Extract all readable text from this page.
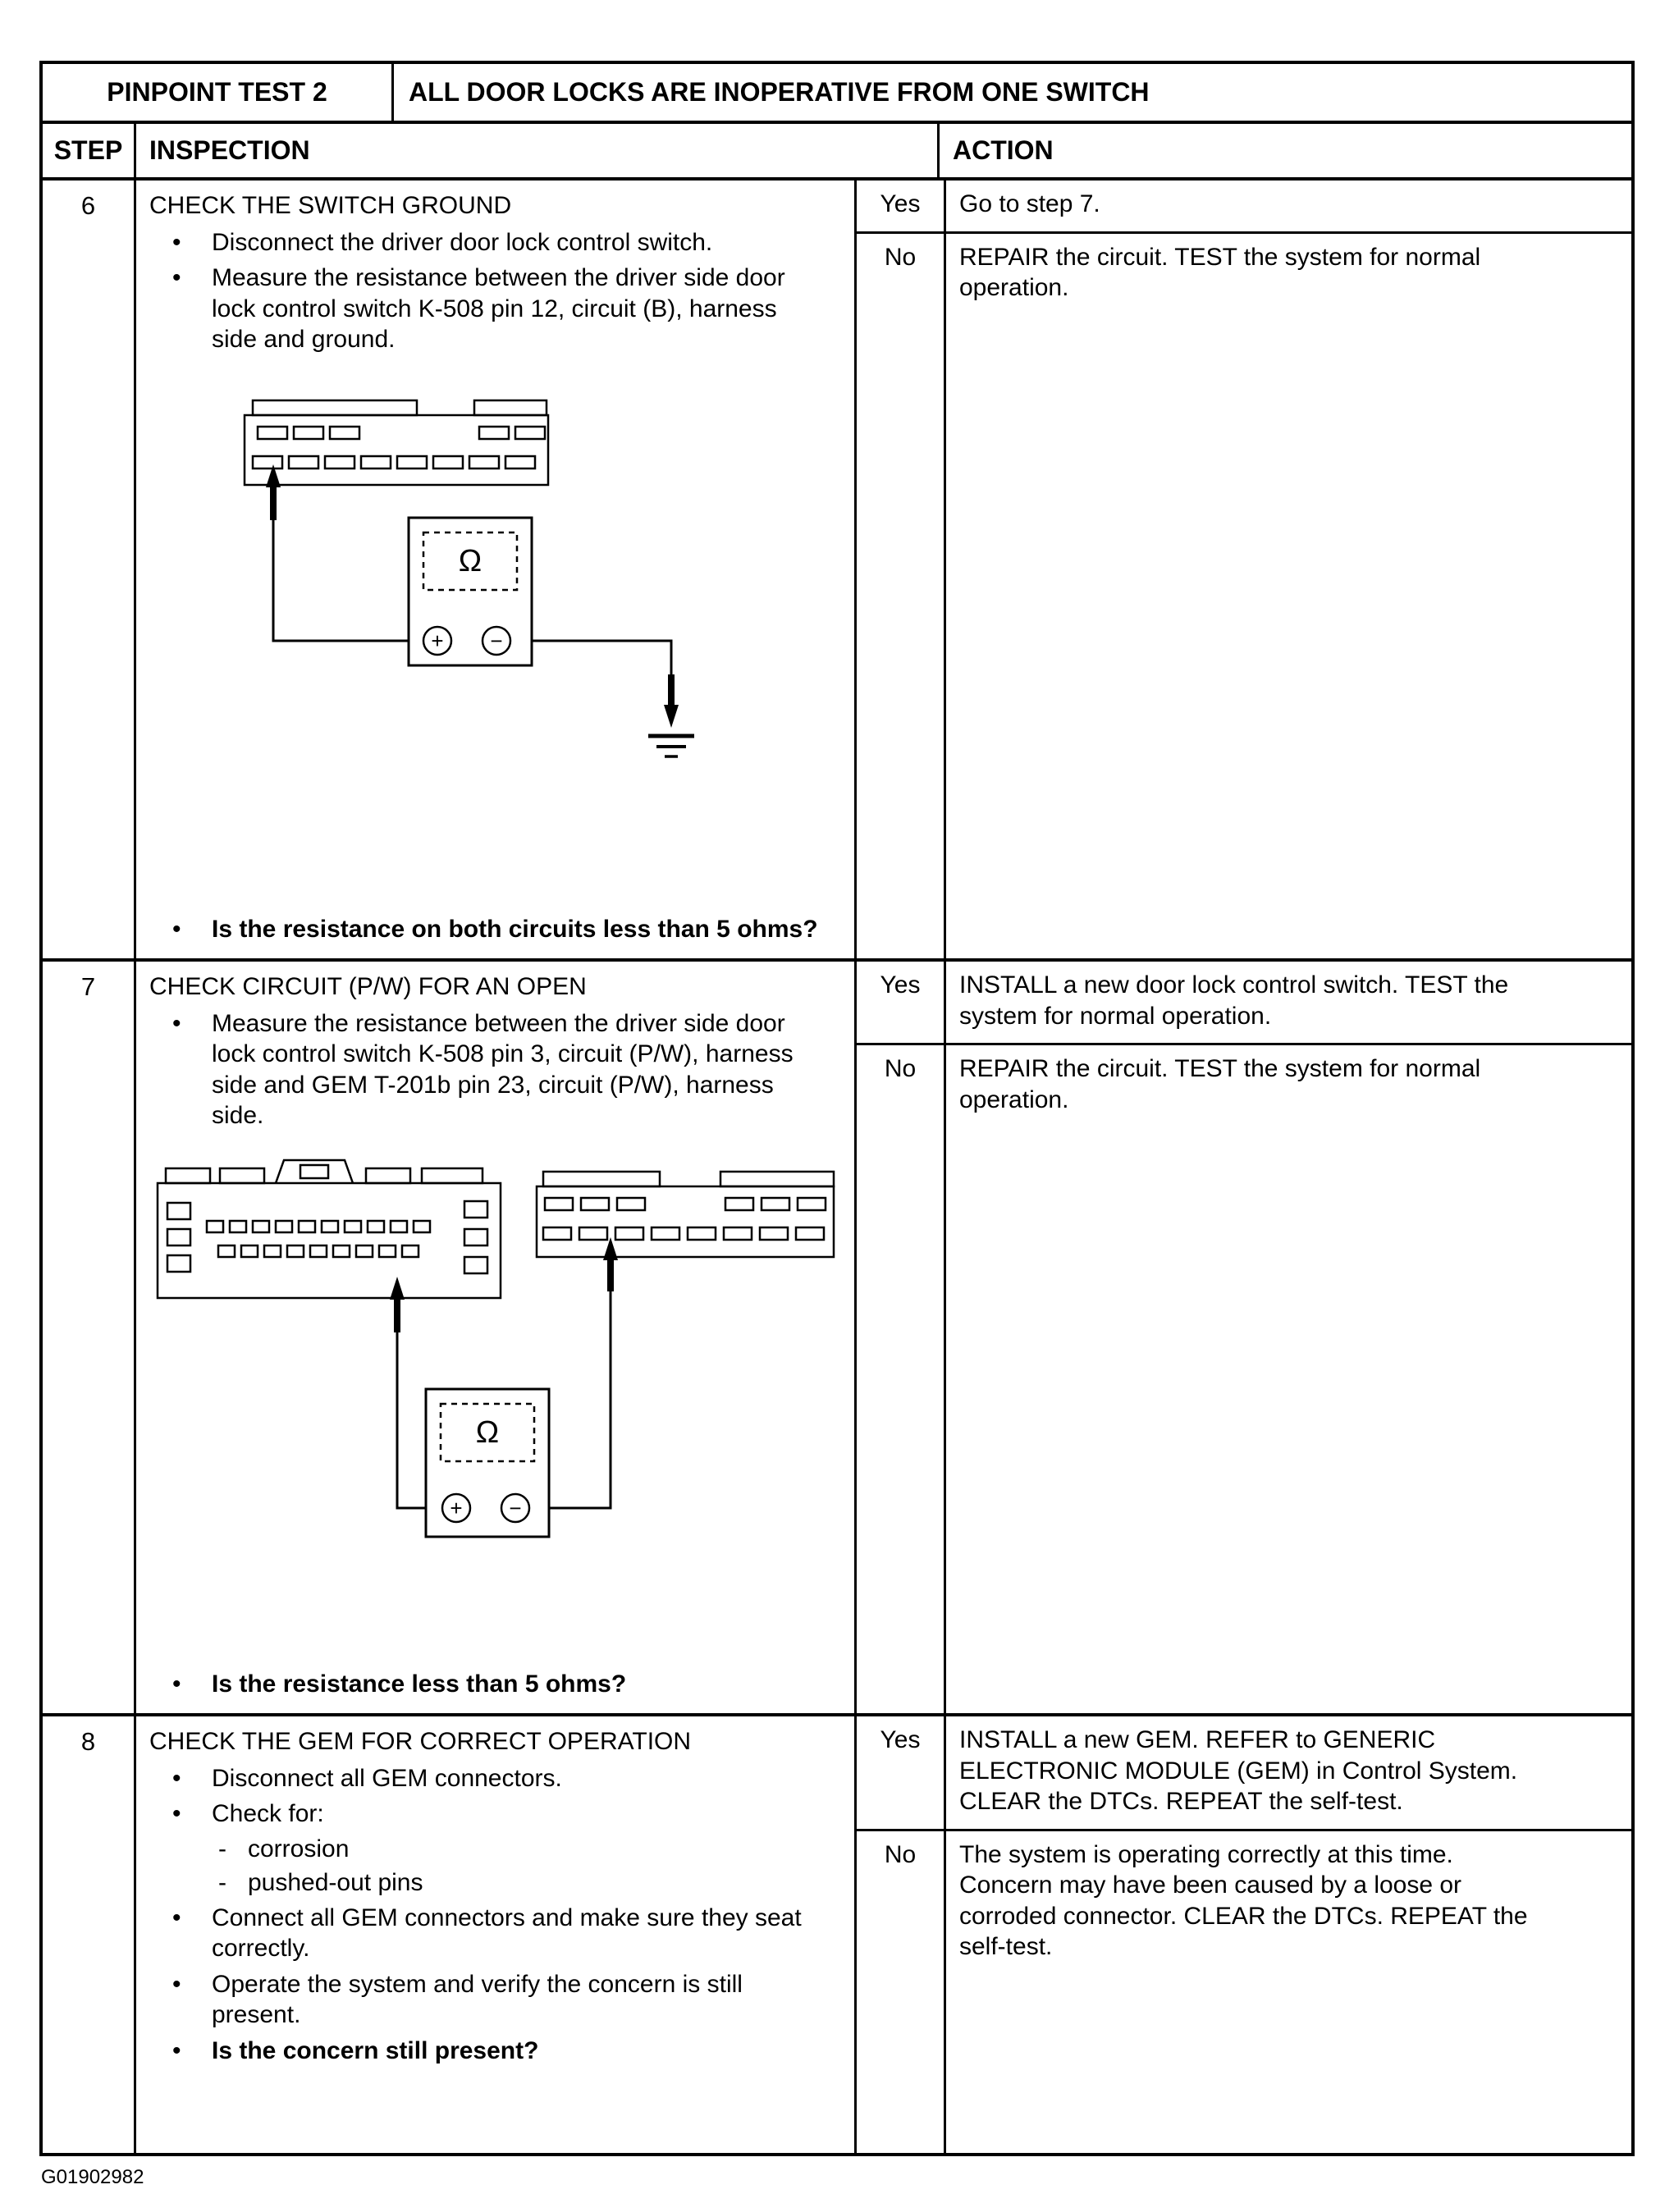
PINPOINT TEST 2	ALL DOOR LOCKS ARE INOPERATIVE FROM ONE SWITCH
STEP	INSPECTION	ACTION
6	CHECK THE SWITCH GROUND
•
Disconnect the driver door lock control switch.
•
Measure the resistance between the driver side door lock control switch K-508 pin 12, circuit (B), harness side and ground.
Ω
+ −
•
Is the resistance on both circuits less than 5 ohms?
Yes	Go to step 7.
No	REPAIR the circuit. TEST the system for normal operation.
7	CHECK CIRCUIT (P/W) FOR AN OPEN
•
Measure the resistance between the driver side door lock control switch K-508 pin 3, circuit (P/W), harness side and GEM T-201b pin 23, circuit (P/W), harness side.
Ω
+ −
•
Is the resistance less than 5 ohms?
Yes	INSTALL a new door lock control switch. TEST the system for normal operation.
No	REPAIR the circuit. TEST the system for normal operation.
8	CHECK THE GEM FOR CORRECT OPERATION
•
Disconnect all GEM connectors.
•
Check for:
-
corrosion
-
pushed-out pins
•
Connect all GEM connectors and make sure they seat correctly.
•
Operate the system and verify the concern is still present.
•
Is the concern still present?
Yes	INSTALL a new GEM. REFER to GENERIC ELECTRONIC MODULE (GEM) in Control System. CLEAR the DTCs. REPEAT the self-test.
No	The system is operating correctly at this time. Concern may have been caused by a loose or corroded connector. CLEAR the DTCs. REPEAT the self-test.
G01902982
